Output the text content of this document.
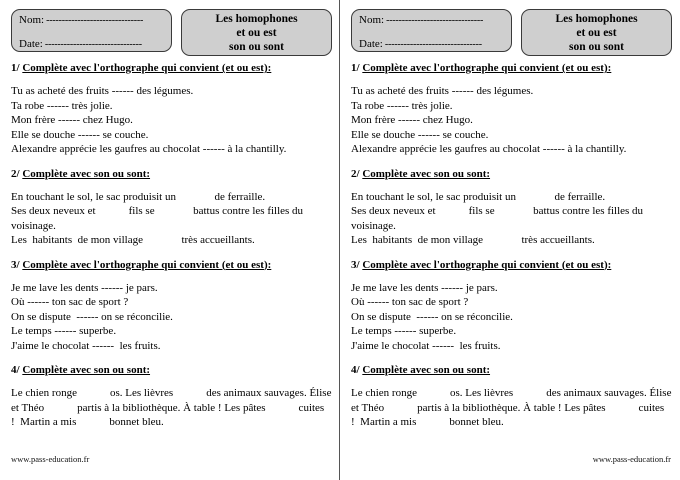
Nom: -------------------------------
Date: -------------------------------
Les homophones
et ou est
son ou sont
1/ Complète avec l'orthographe qui convient (et ou est):
Tu as acheté des fruits ------ des légumes.
Ta robe ------ très jolie.
Mon frère ------ chez Hugo.
Elle se douche ------ se couche.
Alexandre apprécie les gaufres au chocolat ------ à la chantilly.
2/ Complète avec son ou sont:
En touchant le sol, le sac produisit un              de ferraille.
Ses deux neveux et            fils se              battus contre les filles du
voisinage.
Les  habitants  de mon village              très accueillants.
3/ Complète avec l'orthographe qui convient (et ou est):
Je me lave les dents ------ je pars.
Où ------ ton sac de sport ?
On se dispute  ------ on se réconcilie.
Le temps ------ superbe.
J'aime le chocolat ------  les fruits.
4/ Complète avec son ou sont:
Le chien ronge            os. Les lièvres            des animaux sauvages. Élise
et Théo            partis à la bibliothèque. À table ! Les pâtes            cuites
!  Martin a mis            bonnet bleu.
www.pass-education.fr
Nom: -------------------------------
Date: -------------------------------
Les homophones
et ou est
son ou sont
1/ Complète avec l'orthographe qui convient (et ou est):
Tu as acheté des fruits ------ des légumes.
Ta robe ------ très jolie.
Mon frère ------ chez Hugo.
Elle se douche ------ se couche.
Alexandre apprécie les gaufres au chocolat ------ à la chantilly.
2/ Complète avec son ou sont:
En touchant le sol, le sac produisit un              de ferraille.
Ses deux neveux et            fils se              battus contre les filles du
voisinage.
Les  habitants  de mon village              très accueillants.
3/ Complète avec l'orthographe qui convient (et ou est):
Je me lave les dents ------ je pars.
Où ------ ton sac de sport ?
On se dispute  ------ on se réconcilie.
Le temps ------ superbe.
J'aime le chocolat ------  les fruits.
4/ Complète avec son ou sont:
Le chien ronge            os. Les lièvres            des animaux sauvages. Élise
et Théo            partis à la bibliothèque. À table ! Les pâtes            cuites
!  Martin a mis            bonnet bleu.
www.pass-education.fr
